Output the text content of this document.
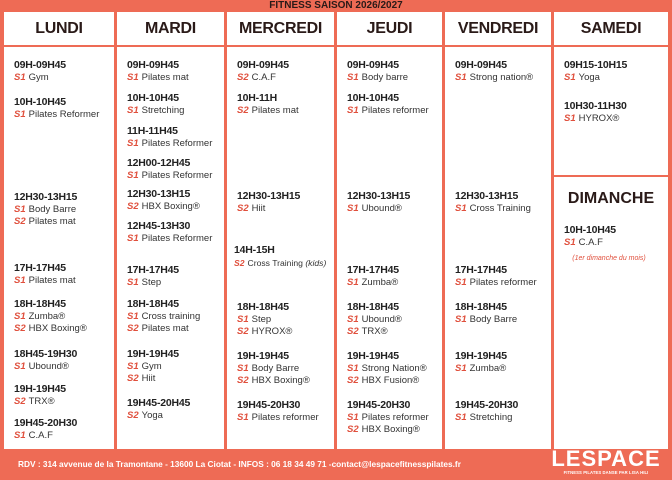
FITNESS SAISON 2026/2027
LUNDI
09H-09H45
S1 Gym
10H-10H45
S1 Pilates Reformer
12H30-13H15
S1 Body Barre
S2 Pilates mat
17H-17H45
S1 Pilates mat
18H-18H45
S1 Zumba®
S2 HBX Boxing®
18H45-19H30
S1 Ubound®
19H-19H45
S2 TRX®
19H45-20H30
S1 C.A.F
MARDI
09H-09H45
S1 Pilates mat
10H-10H45
S1 Stretching
11H-11H45
S1 Pilates Reformer
12H00-12H45
S1 Pilates Reformer
12H30-13H15
S2 HBX Boxing®
12H45-13H30
S1 Pilates Reformer
17H-17H45
S1 Step
18H-18H45
S1 Cross training
S2 Pilates mat
19H-19H45
S1 Gym
S2 Hiit
19H45-20H45
S2 Yoga
MERCREDI
09H-09H45
S2 C.A.F
10H-11H
S2 Pilates mat
12H30-13H15
S2 Hiit
14H-15H
S2 Cross Training (kids)
18H-18H45
S1 Step
S2 HYROX®
19H-19H45
S1 Body Barre
S2 HBX Boxing®
19H45-20H30
S1 Pilates reformer
JEUDI
09H-09H45
S1 Body barre
10H-10H45
S1 Pilates reformer
12H30-13H15
S1 Ubound®
17H-17H45
S1 Zumba®
18H-18H45
S1 Ubound®
S2 TRX®
19H-19H45
S1 Strong Nation®
S2 HBX Fusion®
19H45-20H30
S1 Pilates reformer
S2 HBX Boxing®
VENDREDI
09H-09H45
S1 Strong nation®
12H30-13H15
S1 Cross Training
17H-17H45
S1 Pilates reformer
18H-18H45
S1 Body Barre
19H-19H45
S1 Zumba®
19H45-20H30
S1 Stretching
SAMEDI
09H15-10H15
S1 Yoga
10H30-11H30
S1 HYROX®
DIMANCHE
10H-10H45
S1 C.A.F
(1er dimanche du mois)
RDV : 314 avvenue de la Tramontane - 13600 La Ciotat - INFOS : 06 18 34 49 71 -contact@lespacefitnesspilates.fr	LESPACE
FITNESS PILATES DANSE PAR LISA HILI
